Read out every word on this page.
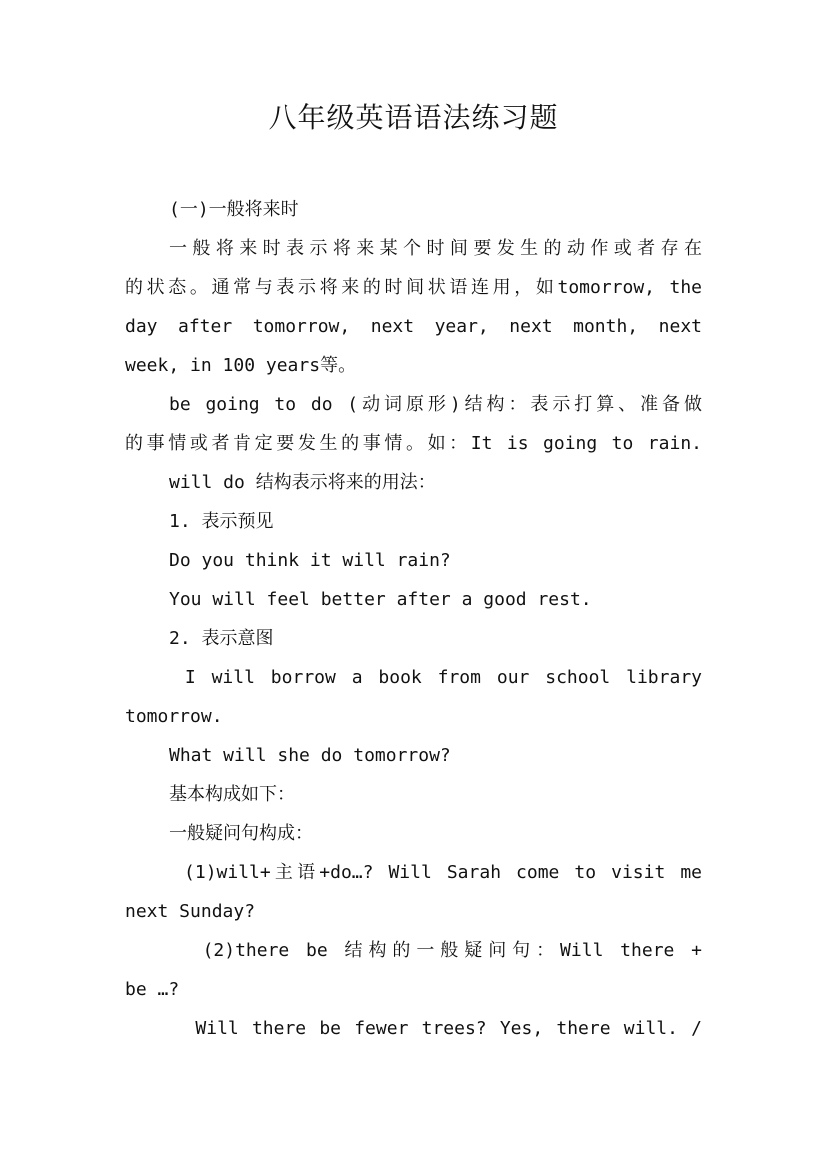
八年级英语语法练习题
(一)一般将来时
一般将来时表示将来某个时间要发生的动作或者存在
的状态。通常与表示将来的时间状语连用，如tomorrow, the
day after tomorrow, next year, next month, next
week, in 100 years等。
be going to do (动词原形)结构：表示打算、准备做
的事情或者肯定要发生的事情。如：It is going to rain.
will do 结构表示将来的用法：
1. 表示预见
Do you think it will rain?
You will feel better after a good rest.
2. 表示意图
I will borrow a book from our school library
tomorrow.
What will she do tomorrow?
基本构成如下：
一般疑问句构成：
(1)will+主语+do…? Will Sarah come to visit me
next Sunday?
(2)there be 结构的一般疑问句：Will there +
be …?
Will there be fewer trees? Yes, there will. /
